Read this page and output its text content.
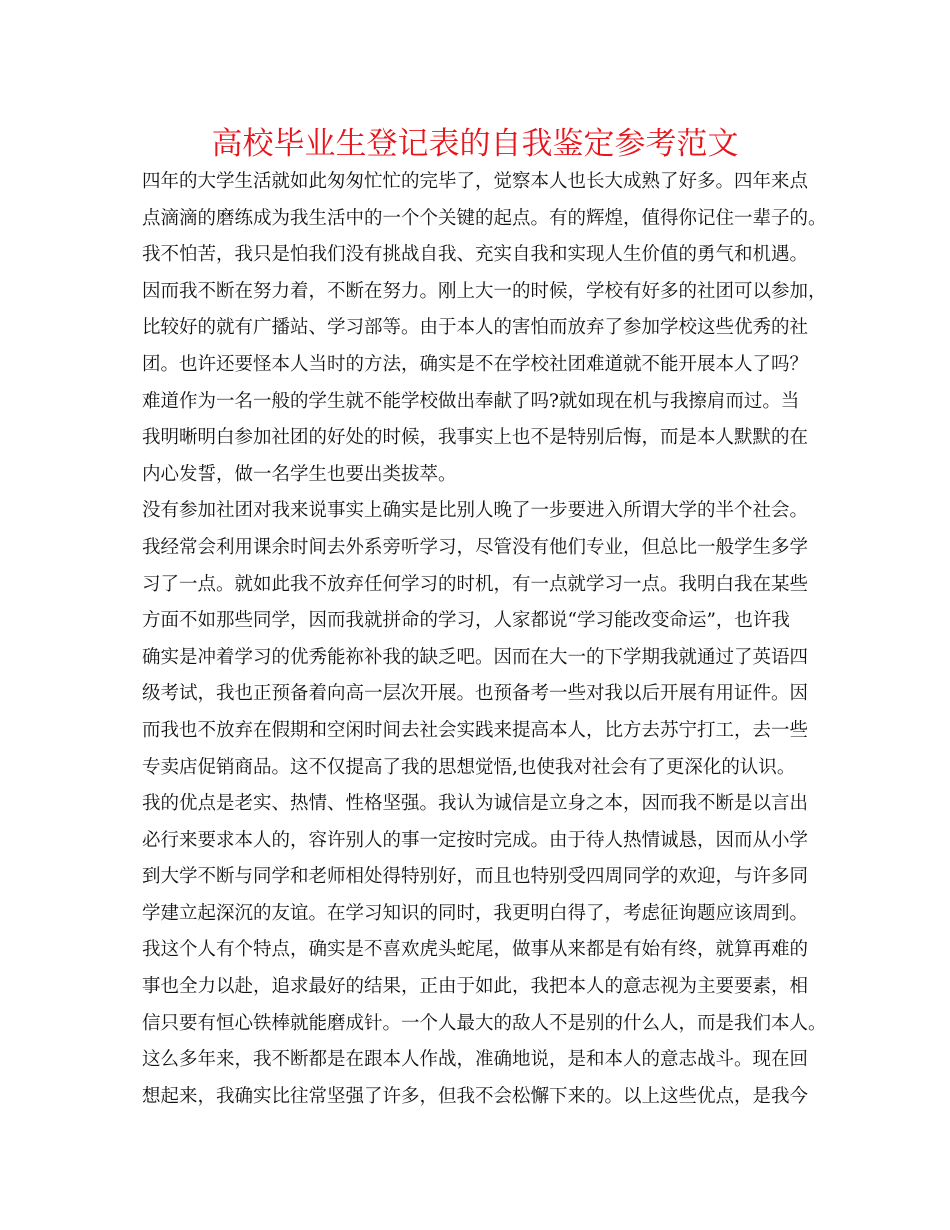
高校毕业生登记表的自我鉴定参考范文
四年的大学生活就如此匆匆忙忙的完毕了，觉察本人也长大成熟了好多。四年来点
点滴滴的磨练成为我生活中的一个个关键的起点。有的辉煌，值得你记住一辈子的。
我不怕苦，我只是怕我们没有挑战自我、充实自我和实现人生价值的勇气和机遇。
因而我不断在努力着，不断在努力。刚上大一的时候，学校有好多的社团可以参加，
比较好的就有广播站、学习部等。由于本人的害怕而放弃了参加学校这些优秀的社
团。也许还要怪本人当时的方法，确实是不在学校社团难道就不能开展本人了吗？
难道作为一名一般的学生就不能学校做出奉献了吗?就如现在机与我擦肩而过。当
我明晰明白参加社团的好处的时候，我事实上也不是特别后悔，而是本人默默的在
内心发誓，做一名学生也要出类拔萃。
没有参加社团对我来说事实上确实是比别人晚了一步要进入所谓大学的半个社会。
我经常会利用课余时间去外系旁听学习，尽管没有他们专业，但总比一般学生多学
习了一点。就如此我不放弃任何学习的时机，有一点就学习一点。我明白我在某些
方面不如那些同学，因而我就拼命的学习，人家都说“学习能改变命运”，也许我
确实是冲着学习的优秀能祢补我的缺乏吧。因而在大一的下学期我就通过了英语四
级考试，我也正预备着向高一层次开展。也预备考一些对我以后开展有用证件。因
而我也不放弃在假期和空闲时间去社会实践来提高本人，比方去苏宁打工，去一些
专卖店促销商品。这不仅提高了我的思想觉悟,也使我对社会有了更深化的认识。
我的优点是老实、热情、性格坚强。我认为诚信是立身之本，因而我不断是以言出
必行来要求本人的，容许别人的事一定按时完成。由于待人热情诚恳，因而从小学
到大学不断与同学和老师相处得特别好，而且也特别受四周同学的欢迎，与许多同
学建立起深沉的友谊。在学习知识的同时，我更明白得了，考虑征询题应该周到。
我这个人有个特点，确实是不喜欢虎头蛇尾，做事从来都是有始有终，就算再难的
事也全力以赴，追求最好的结果，正由于如此，我把本人的意志视为主要要素，相
信只要有恒心铁棒就能磨成针。一个人最大的敌人不是别的什么人，而是我们本人。
这么多年来，我不断都是在跟本人作战，准确地说，是和本人的意志战斗。现在回
想起来，我确实比往常坚强了许多，但我不会松懈下来的。以上这些优点，是我今
